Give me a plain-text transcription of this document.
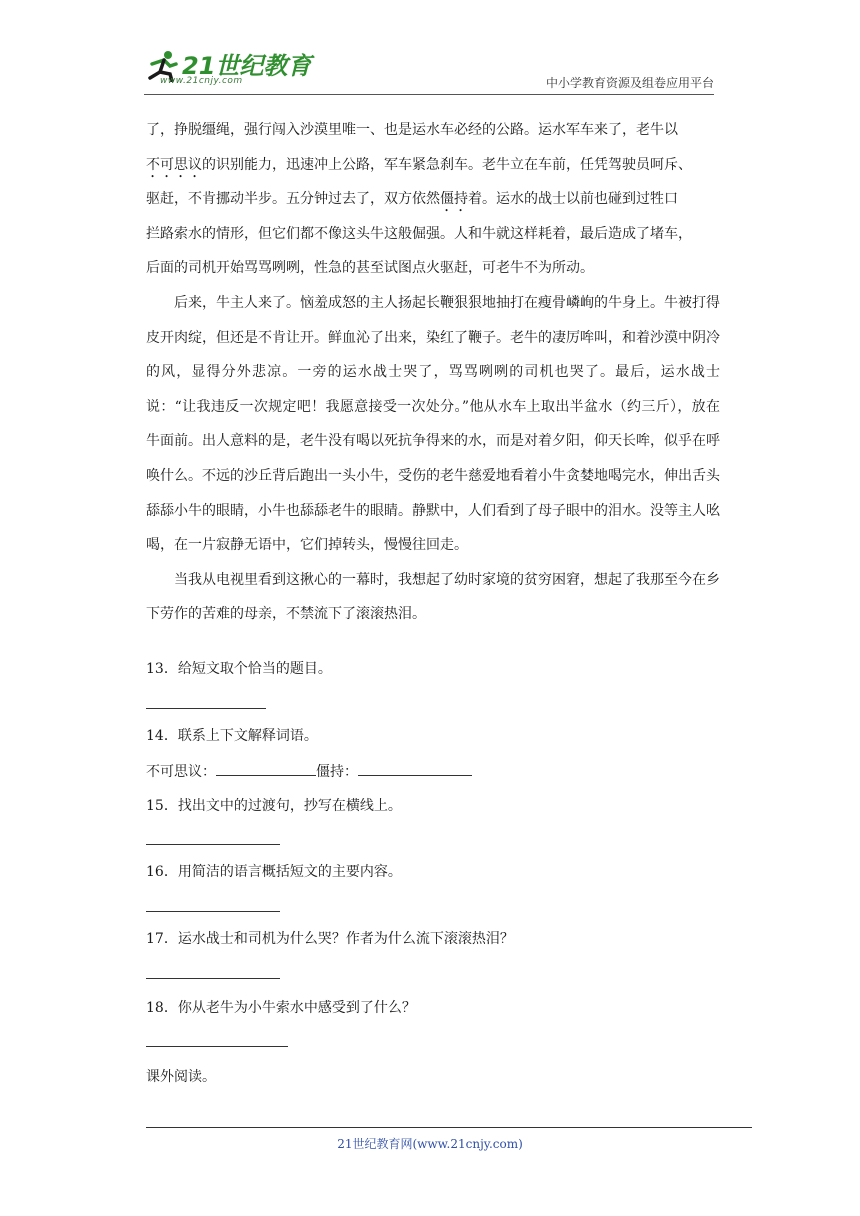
21世纪教育
www.21cnjy.com	中小学教育资源及组卷应用平台

了，挣脱缰绳，强行闯入沙漠里唯一、也是运水车必经的公路。运水军车来了，老牛以

不可思议的识别能力，迅速冲上公路，军车紧急刹车。老牛立在车前，任凭驾驶员呵斥、

驱赶，不肯挪动半步。五分钟过去了，双方依然僵持着。运水的战士以前也碰到过牲口

拦路索水的情形，但它们都不像这头牛这般倔强。人和牛就这样耗着，最后造成了堵车，

后面的司机开始骂骂咧咧，性急的甚至试图点火驱赶，可老牛不为所动。

后来，牛主人来了。恼羞成怒的主人扬起长鞭狠狠地抽打在瘦骨嶙峋的牛身上。牛被打得皮开肉绽，但还是不肯让开。鲜血沁了出来，染红了鞭子。老牛的凄厉哞叫，和着沙漠中阴冷的风，显得分外悲凉。一旁的运水战士哭了，骂骂咧咧的司机也哭了。最后，运水战士说：“让我违反一次规定吧！我愿意接受一次处分。”他从水车上取出半盆水（约三斤），放在牛面前。出人意料的是，老牛没有喝以死抗争得来的水，而是对着夕阳，仰天长哞，似乎在呼唤什么。不远的沙丘背后跑出一头小牛，受伤的老牛慈爱地看着小牛贪婪地喝完水，伸出舌头舔舔小牛的眼睛，小牛也舔舔老牛的眼睛。静默中，人们看到了母子眼中的泪水。没等主人吆喝，在一片寂静无语中，它们掉转头，慢慢往回走。

当我从电视里看到这揪心的一幕时，我想起了幼时家境的贫穷困窘，想起了我那至今在乡下劳作的苦难的母亲，不禁流下了滚滚热泪。

13．给短文取个恰当的题目。
14．联系上下文解释词语。
不可思议：	僵持：
15．找出文中的过渡句，抄写在横线上。
16．用简洁的语言概括短文的主要内容。
17．运水战士和司机为什么哭？作者为什么流下滚滚热泪？
18．你从老牛为小牛索水中感受到了什么？
课外阅读。
21世纪教育网(www.21cnjy.com)
